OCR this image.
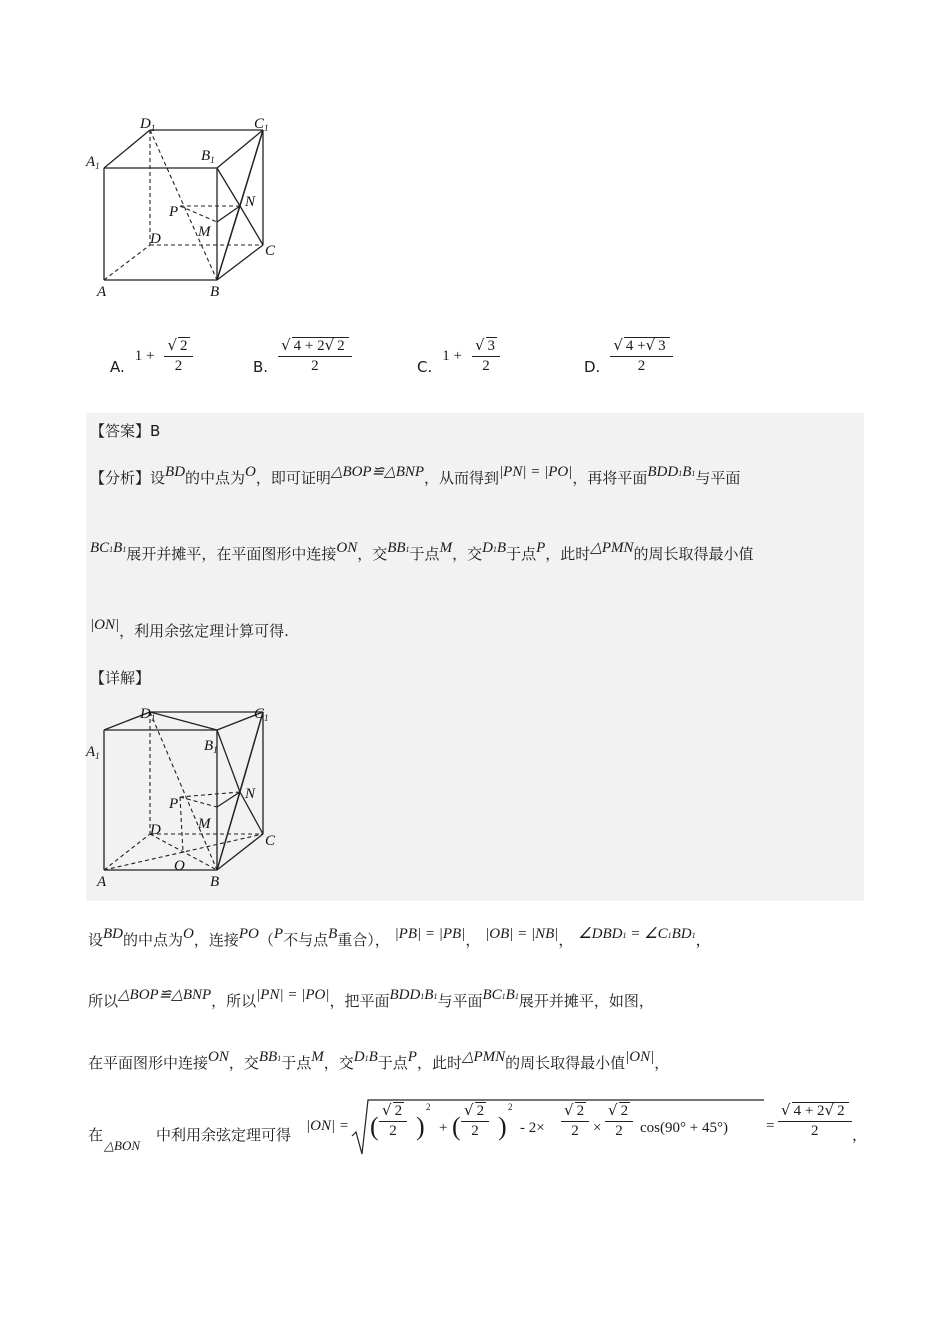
$A_1$
$D_1$	$C_1$
$B_1$
P
N
M
D
C
A	B
A.
$1 + \frac{√ 2}{2}$	B. $\frac{√ 4 + 2√ 2}{2}$	C.
$1 + \frac{√ 3}{2}$	D. $\frac{√ 4 +√ 3}{2}$
【答案】B
【分析】设BD的中点为O，即可证明△BOP≌△BNP，从而得到|PN| = |PO|，再将平面BDD1B1与平面
BC1B1展开并摊平，在平面图形中连接ON，交BB1于点M，交D1B于点P，此时△PMN的周长取得最小值
|ON|，利用余弦定理计算可得.
【详解】
$A_1$
$D_1$	$C_1$
$B_1$
P
N
M
D
C
O
A	B
设BD的中点为O，连接PO（P不与点B重合）， |PB| = |PB|， |OB| = |NB|， ∠DBD1 = ∠C1BD1，
所以△BOP≌△BNP，所以|PN| = |PO|，把平面BDD1B1与平面BC1B1展开并摊平，如图，
在平面图形中连接ON，交BB1于点M，交D1B于点P，此时△PMN的周长取得最小值|ON|，
在
△BON
中利用余弦定理可得 |ON| = ( $\frac{√ 2}{2}$ )
2
+ ( $\frac{√ 2}{2}$ )
2
- $2\times \frac{√ 2}{2} \times \frac{√ 2}{2} \cos(90^\circ + 45^\circ)$	= $\frac{√ 4 + 2√ 2}{2}$ ，
